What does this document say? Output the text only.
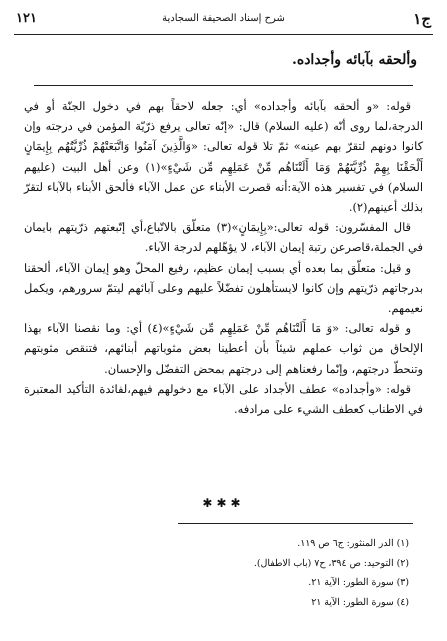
ج١
شرح إسناد الصحيفة السجادية
١٢١
وألحقه بآبائه وأجداده.

قوله: «و ألحقه بآبائه وأجداده» أي: جعله لاحقاً بهم في دخول الجنّة أو في الدرجة،لما روى أنّه (عليه السلام) قال: «إنّه تعالى يرفع ذرّيّة المؤمن في درجته وإن كانوا دونهم لتقرّ بهم عينه» ثمّ تلا قوله تعالى: «وَالَّذِينَ آمَنُوا وَاتَّبَعَتْهُمْ ذُرِّيَّتُهُم بِإِيمَانٍ أَلْحَقْنَا بِهِمْ ذُرِّيَّتَهُمْ وَمَا أَلَتْنَاهُم مِّنْ عَمَلِهِم مِّن شَيْءٍ»(١) وعن أهل البيت (عليهم السلام) في تفسير هذه الآية:أنه قصرت الأبناء عن عمل الآباء فألحق الأبناء بالآباء لتقرّ بذلك أعينهم(٢).

قال المفسّرون: قوله تعالى:«بِإِيمَانٍ»(٣) متعلّق بالاتّباع،أي إتّبعتهم ذرّيتهم بايمان في الجملة،قاصرعن رتبة إيمان الآباء، لا يؤهّلهم لدرجة الآباء.

و قيل: متعلّق بما بعده أي بسبب إيمان عظيم، رفيع المحلّ وهو إيمان الآباء، ألحقنا بدرجاتهم ذرّيتهم وإن كانوا لايستأهلون تفضّلاً عليهم وعلى آبائهم ليتمّ سرورهم، ويكمل نعيمهم.

و قوله تعالى: «وَ مَا أَلَتْنَاهُم مِّنْ عَمَلِهِم مِّن شَيْءٍ»(٤) أي: وما نقصنا الآباء بهذا الإلحاق من ثواب عملهم شيئاً بأن أعطينا بعض مثوباتهم أبنائهم، فتنقص مثوبتهم وتنحطّ درجتهم، وإنّما رفعناهم إلى درجتهم بمحض التفضّل والإحسان.

قوله: «وأجداده» عطف الأجداد على الآباء مع دخولهم فيهم،لفائدة التأكيد المعتبرة في الاطناب كعطف الشيء على مرادفه.

✱✱✱
(١) الدر المنثور: ج٦ ص ١١٩.
(٢) التوحيد: ص ٣٩٤، ح٧ (باب الاطفال).
(٣) سورة الطور: الآية ٢١.
(٤) سورة الطور: الآية ٢١
